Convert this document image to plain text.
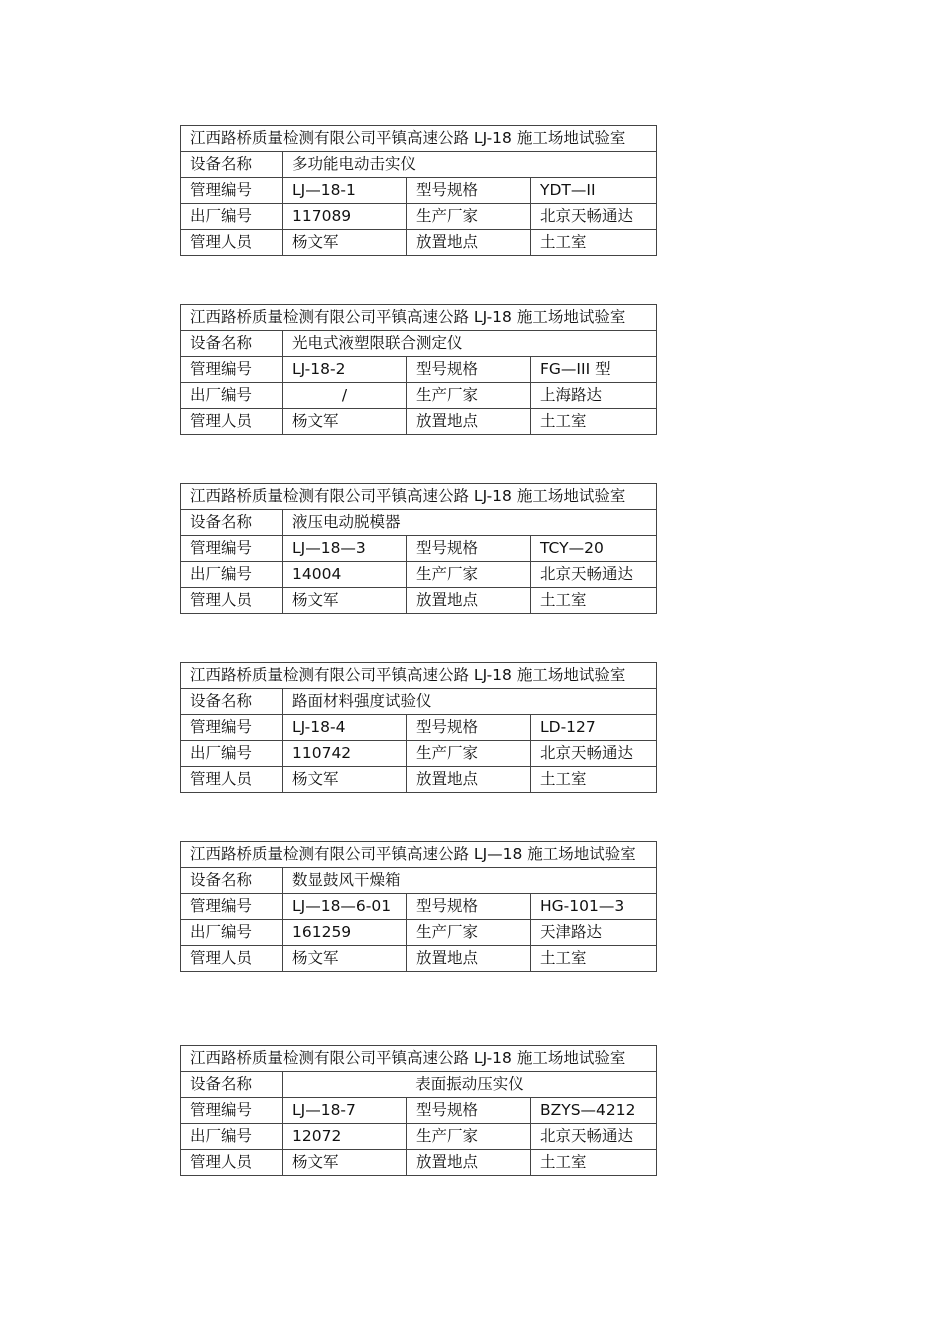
江西路桥质量检测有限公司平镇高速公路 LJ-18 施工场地试验室			
设备名称	多功能电动击实仪		
管理编号	LJ—18-1	型号规格	YDT—II
出厂编号	117089	生产厂家	北京天畅通达
管理人员	杨文军	放置地点	土工室
江西路桥质量检测有限公司平镇高速公路 LJ-18 施工场地试验室			
设备名称	光电式液塑限联合测定仪		
管理编号	LJ-18-2	型号规格	FG—III 型
出厂编号	/	生产厂家	上海路达
管理人员	杨文军	放置地点	土工室
江西路桥质量检测有限公司平镇高速公路 LJ-18 施工场地试验室			
设备名称	液压电动脱模器		
管理编号	LJ—18—3	型号规格	TCY—20
出厂编号	14004	生产厂家	北京天畅通达
管理人员	杨文军	放置地点	土工室
江西路桥质量检测有限公司平镇高速公路 LJ-18 施工场地试验室			
设备名称	路面材料强度试验仪		
管理编号	LJ-18-4	型号规格	LD-127
出厂编号	110742	生产厂家	北京天畅通达
管理人员	杨文军	放置地点	土工室
江西路桥质量检测有限公司平镇高速公路 LJ—18 施工场地试验室			
设备名称	数显鼓风干燥箱		
管理编号	LJ—18—6-01	型号规格	HG-101—3
出厂编号	161259	生产厂家	天津路达
管理人员	杨文军	放置地点	土工室
江西路桥质量检测有限公司平镇高速公路 LJ-18 施工场地试验室			
设备名称	表面振动压实仪		
管理编号	LJ—18-7	型号规格	BZYS—4212
出厂编号	12072	生产厂家	北京天畅通达
管理人员	杨文军	放置地点	土工室
